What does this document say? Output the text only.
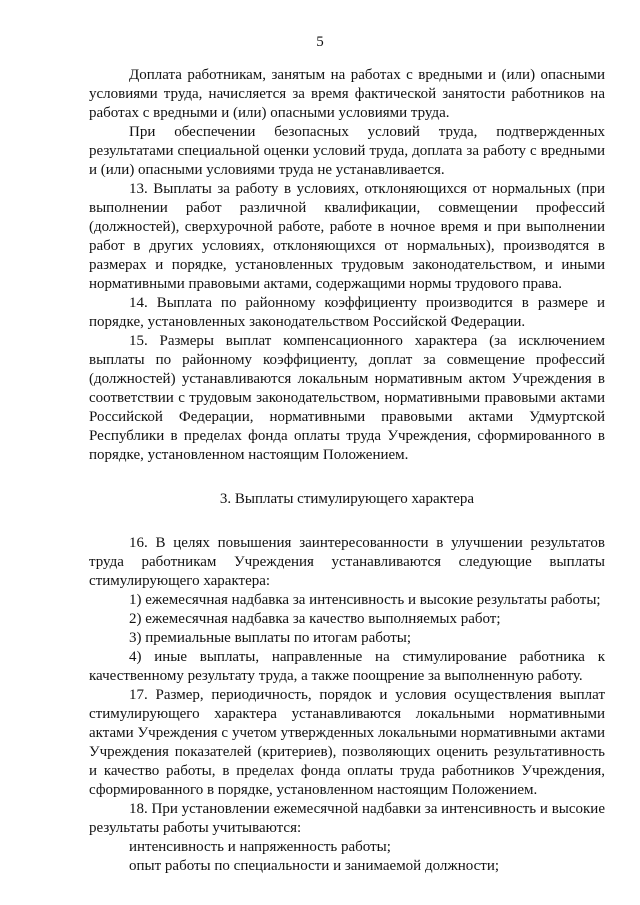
5

Доплата работникам, занятым на работах с вредными и (или) опасными условиями труда, начисляется за время фактической занятости работников на работах с вредными и (или) опасными условиями труда.

При обеспечении безопасных условий труда, подтвержденных результатами специальной оценки условий труда, доплата за работу с вредными и (или) опасными условиями труда не устанавливается.

13. Выплаты за работу в условиях, отклоняющихся от нормальных (при выполнении работ различной квалификации, совмещении профессий (должностей), сверхурочной работе, работе в ночное время и при выполнении работ в других условиях, отклоняющихся от нормальных), производятся в размерах и порядке, установленных трудовым законодательством, и иными нормативными правовыми актами, содержащими нормы трудового права.

14. Выплата по районному коэффициенту производится в размере и порядке, установленных законодательством Российской Федерации.

15. Размеры выплат компенсационного характера (за исключением выплаты по районному коэффициенту, доплат за совмещение профессий (должностей) устанавливаются локальным нормативным актом Учреждения в соответствии с трудовым законодательством, нормативными правовыми актами Российской Федерации, нормативными правовыми актами Удмуртской Республики в пределах фонда оплаты труда Учреждения, сформированного в порядке, установленном настоящим Положением.

3. Выплаты стимулирующего характера

16. В целях повышения заинтересованности в улучшении результатов труда работникам Учреждения устанавливаются следующие выплаты стимулирующего характера:

1) ежемесячная надбавка за интенсивность и высокие результаты работы;

2) ежемесячная надбавка за качество выполняемых работ;

3) премиальные выплаты по итогам работы;

4) иные выплаты, направленные на стимулирование работника к качественному результату труда, а также поощрение за выполненную работу.

17. Размер, периодичность, порядок и условия осуществления выплат стимулирующего характера устанавливаются локальными нормативными актами Учреждения с учетом утвержденных локальными нормативными актами Учреждения показателей (критериев), позволяющих оценить результативность и качество работы, в пределах фонда оплаты труда работников Учреждения, сформированного в порядке, установленном настоящим Положением.

18. При установлении ежемесячной надбавки за интенсивность и высокие результаты работы учитываются:

интенсивность и напряженность работы;

опыт работы по специальности и занимаемой должности;
